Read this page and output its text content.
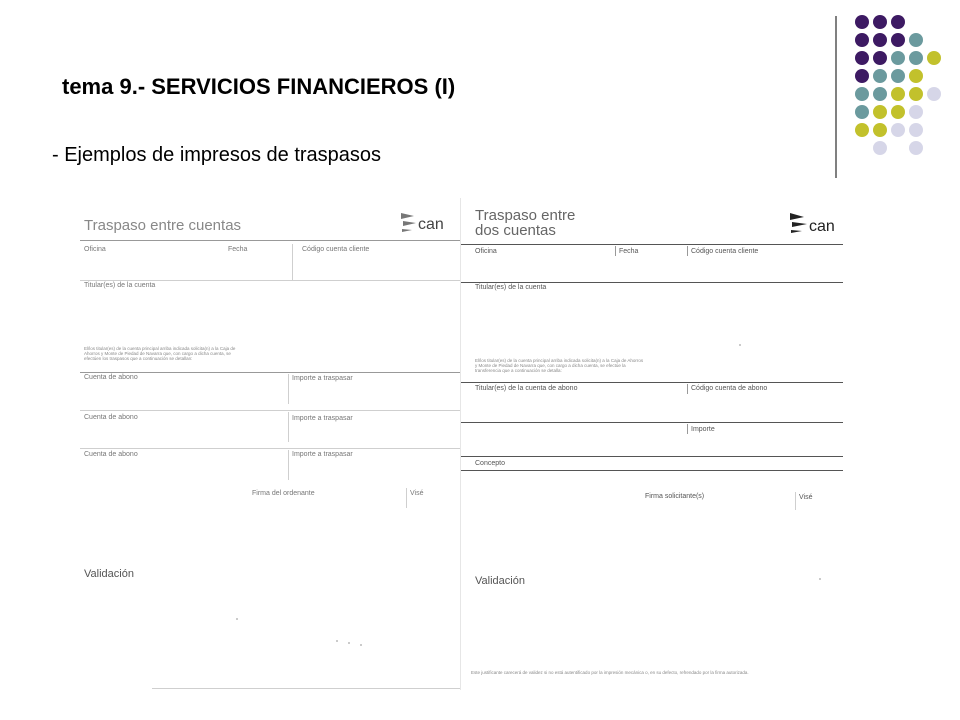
tema 9.- SERVICIOS FINANCIEROS (I)

- Ejemplos de impresos de traspasos

Traspaso entre cuentas	can
Oficina	Fecha	Código cuenta cliente
Titular(es) de la cuenta
El/los titular(es) de la cuenta principal arriba indicada solicita(n) a la Caja de Ahorros y Monte de Piedad de Navarra que, con cargo a dicha cuenta, se efectúen los traspasos que a continuación se detallan:
Cuenta de abono	Importe a traspasar
Cuenta de abono	Importe a traspasar
Cuenta de abono	Importe a traspasar
Firma del ordenante	Visé
Validación
Traspaso entre
dos cuentas	can
Oficina	Fecha	Código cuenta cliente
Titular(es) de la cuenta
El/los titular(es) de la cuenta principal arriba indicada solicita(n) a la Caja de Ahorros y Monte de Piedad de Navarra que, con cargo a dicha cuenta, se efectúe la transferencia que a continuación se detalla:
Titular(es) de la cuenta de abono	Código cuenta de abono
Importe
Concepto
Firma solicitante(s)	Visé
Validación
Este justificante carecerá de validez si no está autentificado por la impresión mecánica o, en su defecto, refrendado por la firma autorizada.
